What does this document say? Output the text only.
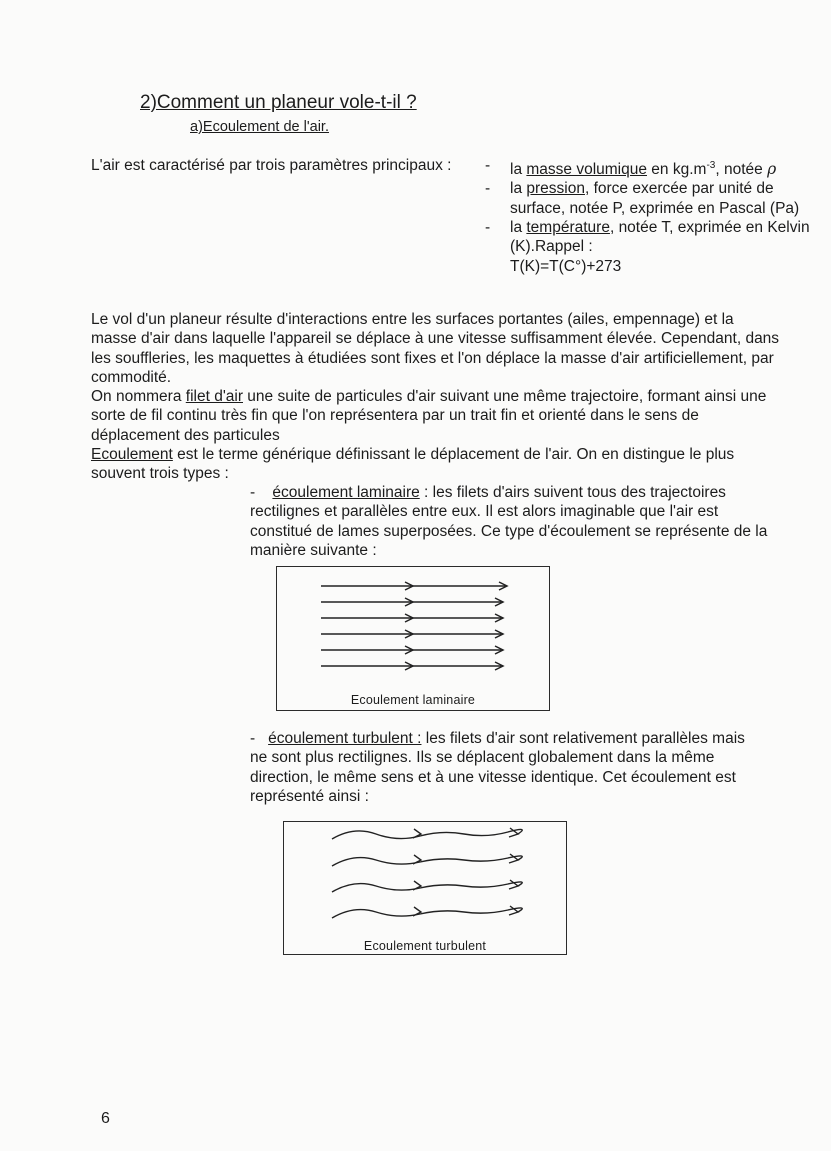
2)Comment un planeur vole-t-il ?
a)Ecoulement de l'air.
L'air est caractérisé par trois paramètres principaux : - la masse volumique en $kg.m^{-3}$, notée ρ
- la pression, force exercée par unité de surface, notée P, exprimée en Pascal (Pa)
- la température, notée T, exprimée en Kelvin (K).Rappel :
T(K)=T(C°)+273

Le vol d'un planeur résulte d'interactions entre les surfaces portantes (ailes, empennage) et la masse d'air dans laquelle l'appareil se déplace à une vitesse suffisamment élevée. Cependant, dans les souffleries, les maquettes à étudiées sont fixes et l'on déplace la masse d'air artificiellement, par commodité.

On nommera filet d'air une suite de particules d'air suivant une même trajectoire, formant ainsi une sorte de fil continu très fin que l'on représentera par un trait fin et orienté dans le sens de déplacement des particules

Ecoulement est le terme générique définissant le déplacement de l'air. On en distingue le plus souvent trois types :

- écoulement laminaire : les filets d'airs suivent tous des trajectoires rectilignes et parallèles entre eux. Il est alors imaginable que l'air est constitué de lames superposées. Ce type d'écoulement se représente de la manière suivante :
Ecoulement laminaire
- écoulement turbulent : les filets d'air sont relativement parallèles mais ne sont plus rectilignes. Ils se déplacent globalement dans la même direction, le même sens et à une vitesse identique. Cet écoulement est représenté ainsi :
Ecoulement turbulent
6
